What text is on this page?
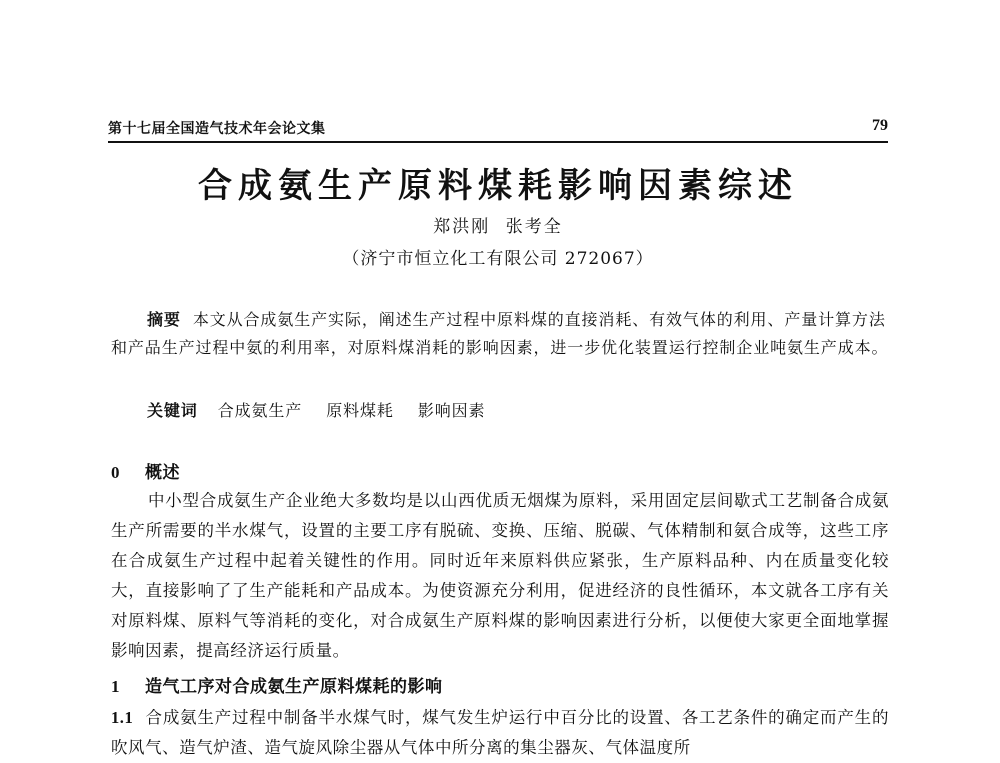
第十七届全国造气技术年会论文集	79
合成氨生产原料煤耗影响因素综述
郑洪刚 张考全
（济宁市恒立化工有限公司 272067）

摘要 本文从合成氨生产实际，阐述生产过程中原料煤的直接消耗、有效气体的利用、产量计算方法和产品生产过程中氨的利用率，对原料煤消耗的影响因素，进一步优化装置运行控制企业吨氨生产成本。

关键词 合成氨生产 原料煤耗 影响因素
0 概述

中小型合成氨生产企业绝大多数均是以山西优质无烟煤为原料，采用固定层间歇式工艺制备合成氨生产所需要的半水煤气，设置的主要工序有脱硫、变换、压缩、脱碳、气体精制和氨合成等，这些工序在合成氨生产过程中起着关键性的作用。同时近年来原料供应紧张，生产原料品种、内在质量变化较大，直接影响了了生产能耗和产品成本。为使资源充分利用，促进经济的良性循环，本文就各工序有关对原料煤、原料气等消耗的变化，对合成氨生产原料煤的影响因素进行分析，以便使大家更全面地掌握影响因素，提高经济运行质量。

1 造气工序对合成氨生产原料煤耗的影响

1.1 合成氨生产过程中制备半水煤气时，煤气发生炉运行中百分比的设置、各工艺条件的确定而产生的吹风气、造气炉渣、造气旋风除尘器从气体中所分离的集尘器灰、气体温度所
